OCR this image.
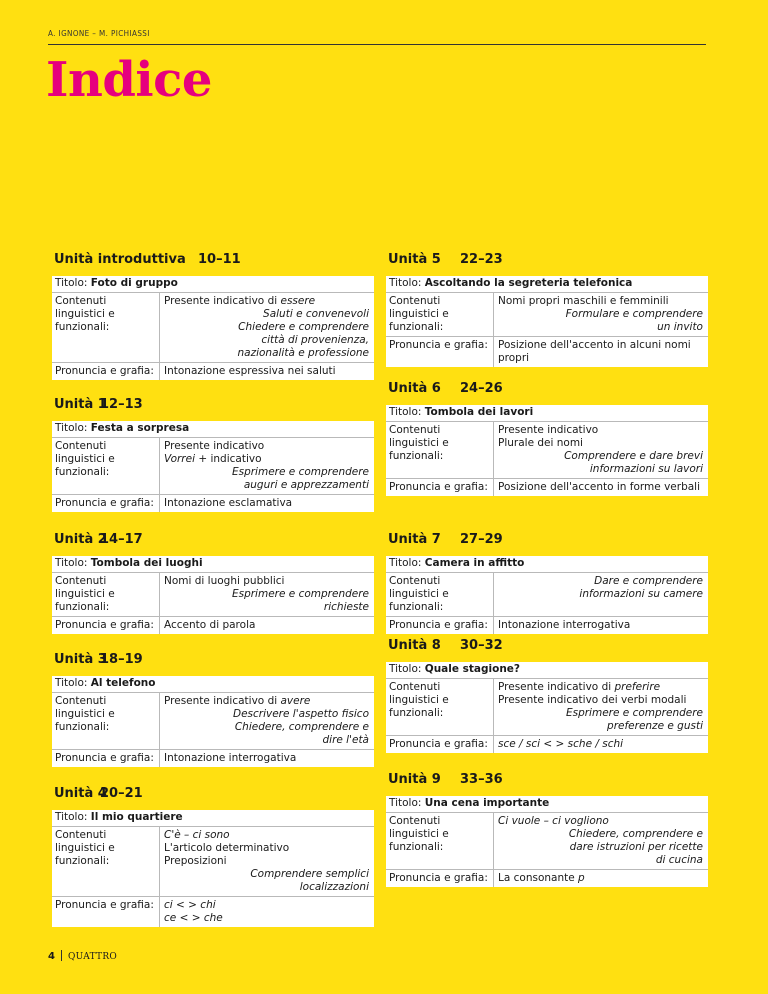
A. IGNONE – M. PICHIASSI
Indice
Unità introduttiva 10–11
Titolo: Foto di gruppo
Contenuti linguistici e funzionali:
Presente indicativo di essere
Saluti e convenevoli
Chiedere e comprendere
città di provenienza,
nazionalità e professione
Pronuncia e grafia: Intonazione espressiva nei saluti
Unità 1
12–13
Titolo: Festa a sorpresa
Contenuti linguistici e funzionali:
Presente indicativo
Vorrei + indicativo
Esprimere e comprendere
auguri e apprezzamenti
Pronuncia e grafia: Intonazione esclamativa
Unità 2
14–17
Titolo: Tombola dei luoghi
Contenuti linguistici e funzionali:
Nomi di luoghi pubblici
Esprimere e comprendere
richieste
Pronuncia e grafia: Accento di parola
Unità 3
18–19
Titolo: Al telefono
Contenuti linguistici e funzionali:
Presente indicativo di avere
Descrivere l'aspetto fisico
Chiedere, comprendere e
dire l'età
Pronuncia e grafia: Intonazione interrogativa
Unità 4
20–21
Titolo: Il mio quartiere
Contenuti linguistici e funzionali:
C'è – ci sono
L'articolo determinativo
Preposizioni
Comprendere semplici
localizzazioni
Pronuncia e grafia: ci < > chi
ce < > che
Unità 5 22–23
Titolo: Ascoltando la segreteria telefonica
Contenuti linguistici e funzionali:
Nomi propri maschili e femminili
Formulare e comprendere
un invito
Pronuncia e grafia: Posizione dell'accento in alcuni nomi propri
Unità 6 24–26
Titolo: Tombola dei lavori
Contenuti linguistici e funzionali:
Presente indicativo
Plurale dei nomi
Comprendere e dare brevi
informazioni su lavori
Pronuncia e grafia: Posizione dell'accento in forme verbali
Unità 7 27–29
Titolo: Camera in affitto
Contenuti linguistici e funzionali:
Dare e comprendere
informazioni su camere
Pronuncia e grafia: Intonazione interrogativa
Unità 8 30–32
Titolo: Quale stagione?
Contenuti linguistici e funzionali:
Presente indicativo di preferire
Presente indicativo dei verbi modali
Esprimere e comprendere
preferenze e gusti
Pronuncia e grafia: sce / sci < > sche / schi
Unità 9 33–36
Titolo: Una cena importante
Contenuti linguistici e funzionali:
Ci vuole – ci vogliono
Chiedere, comprendere e
dare istruzioni per ricette
di cucina
Pronuncia e grafia: La consonante p
4 QUATTRO
